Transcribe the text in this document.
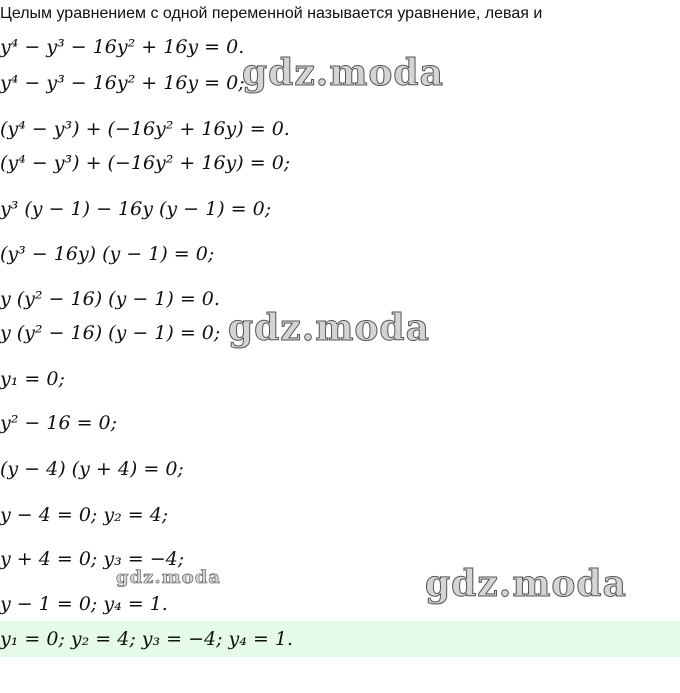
Целым уравнением с одной переменной называется уравнение, левая и
y⁴ − y³ − 16y² + 16y = 0.
y⁴ − y³ − 16y² + 16y = 0;
(y⁴ − y³) + (−16y² + 16y) = 0.
(y⁴ − y³) + (−16y² + 16y) = 0;
y³ (y − 1) − 16y (y − 1) = 0;
(y³ − 16y) (y − 1) = 0;
y (y² − 16) (y − 1) = 0.
y (y² − 16) (y − 1) = 0;
y₁ = 0;
y² − 16 = 0;
(y − 4) (y + 4) = 0;
y − 4 = 0; y₂ = 4;
y + 4 = 0; y₃ = −4;
y − 1 = 0; y₄ = 1.
y₁ = 0; y₂ = 4; y₃ = −4; y₄ = 1.
gdz.moda
gdz.moda
gdz.moda
gdz.moda
